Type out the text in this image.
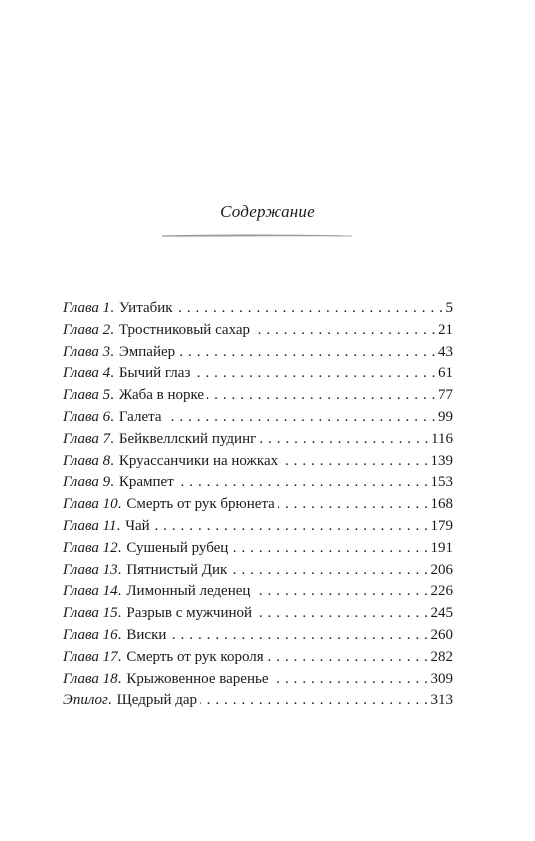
Содержание
Глава 1 . Уитабик . . .	5
Глава 2 . Тростниковый сахар . . .	21
Глава 3 . Эмпайер . . .	43
Глава 4 . Бычий глаз . . .	61
Глава 5 . Жаба в норке . . .	77
Глава 6 . Галета . . .	99
Глава 7 . Бейквеллский пудинг . . .	116
Глава 8 . Круассанчики на ножках . . .	139
Глава 9 . Крампет . . .	153
Глава 10 . Смерть от рук брюнета . . .	168
Глава 11 . Чай . . .	179
Глава 12 . Сушеный рубец . . .	191
Глава 13 . Пятнистый Дик . . .	206
Глава 14 . Лимонный леденец . . .	226
Глава 15 . Разрыв с мужчиной . . .	245
Глава 16 . Виски . . .	260
Глава 17 . Смерть от рук короля . . .	282
Глава 18 . Крыжовенное варенье . . .	309
Эпилог . Щедрый дар . . .	313
